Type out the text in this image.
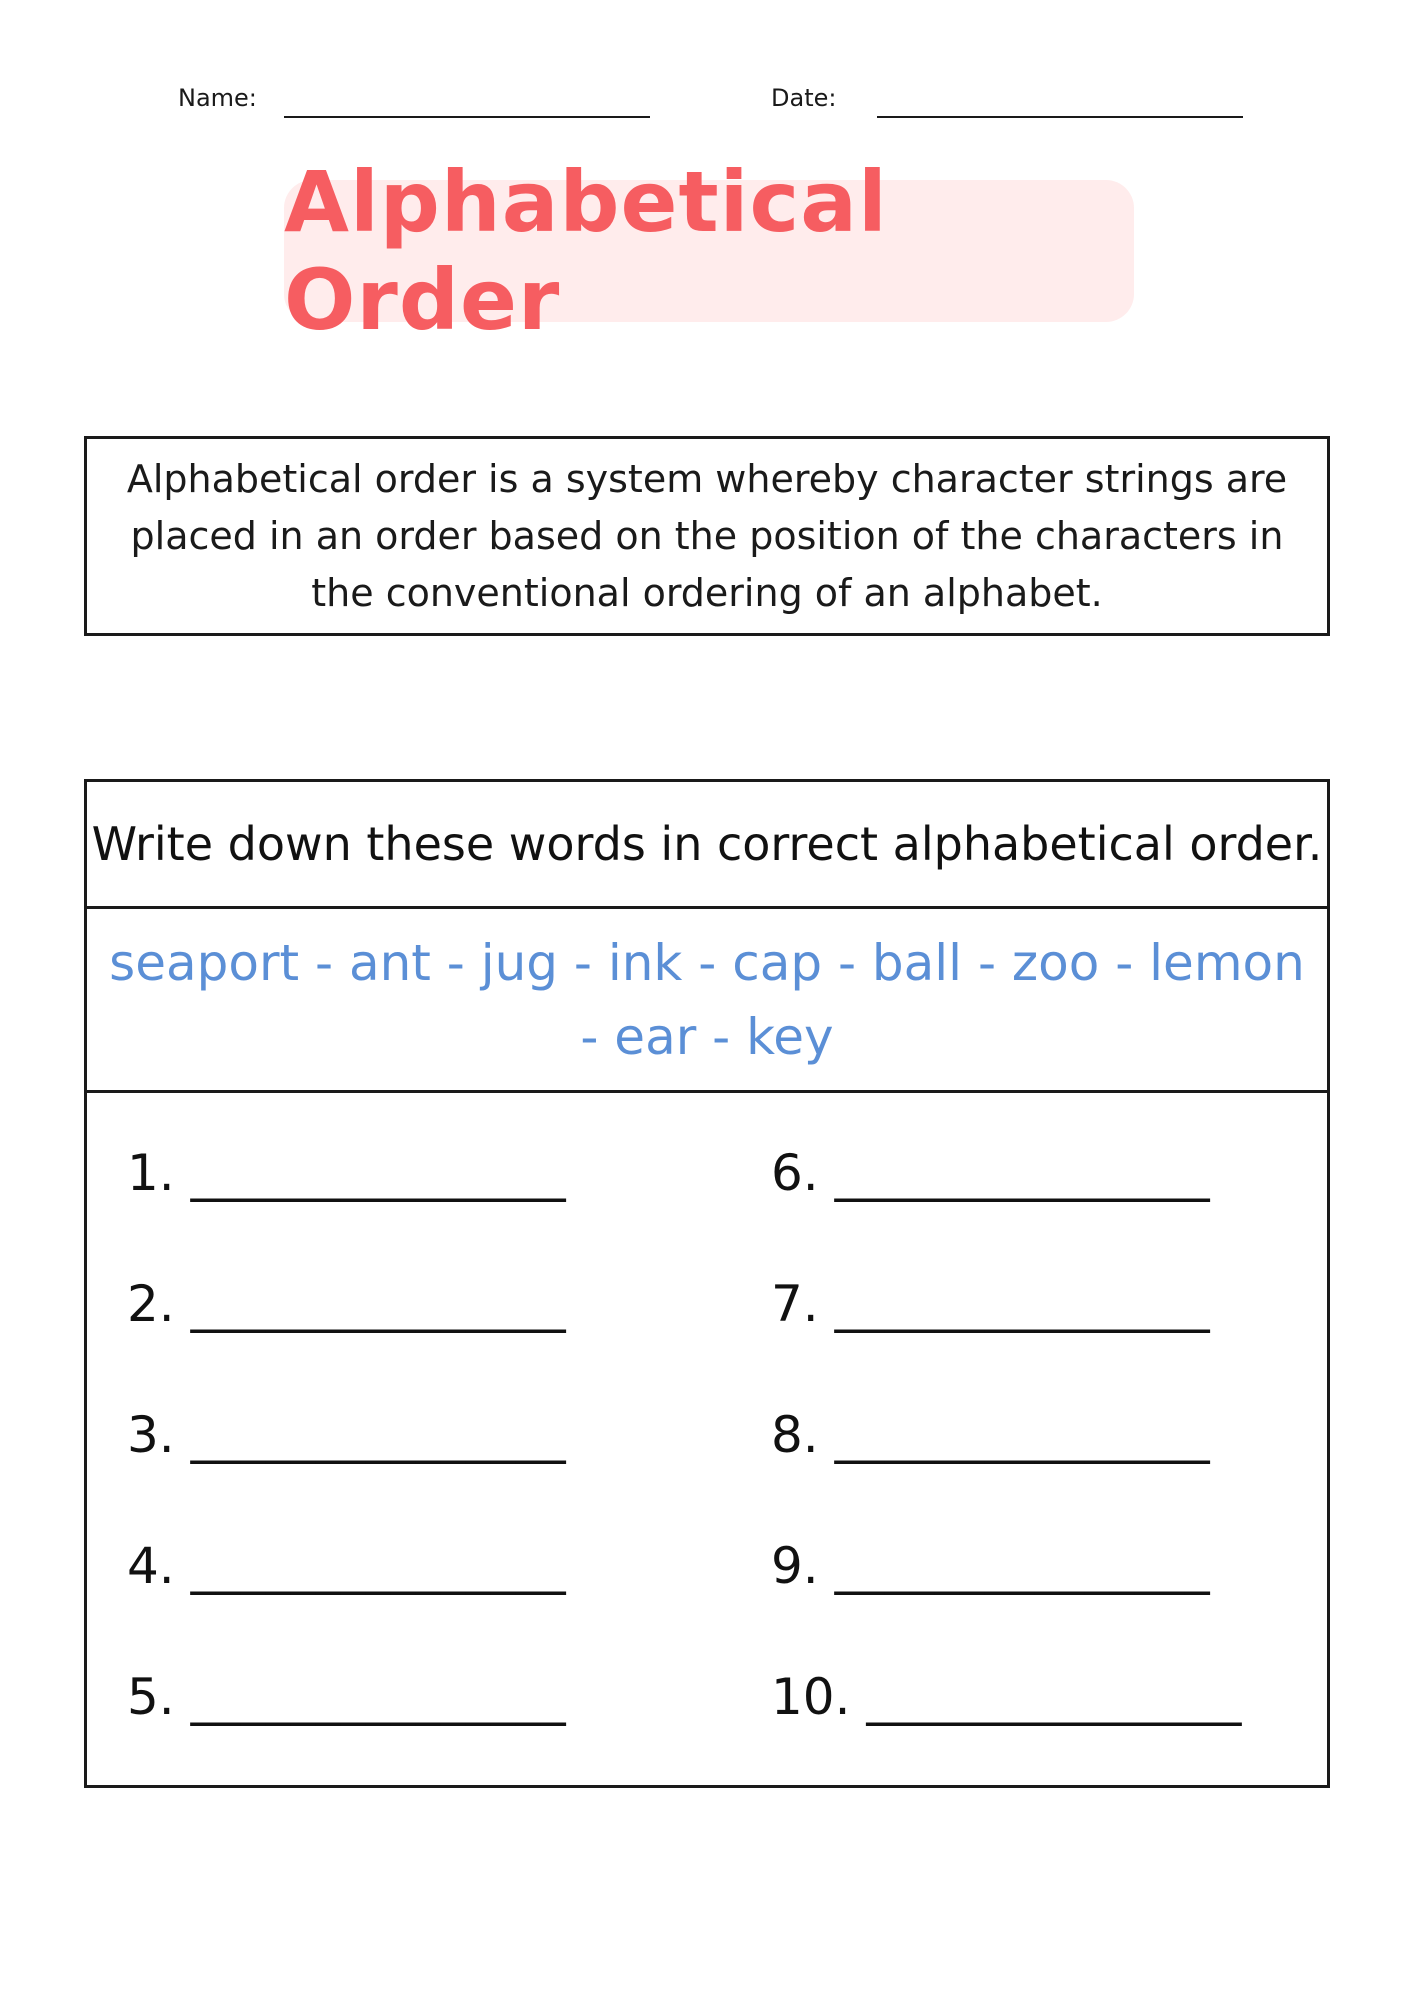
Name:	Date:
Alphabetical Order
Alphabetical order is a system whereby character strings are placed in an order based on the position of the characters in the conventional ordering of an alphabet.
Write down these words in correct alphabetical order.
seaport - ant - jug - ink - cap - ball - zoo - lemon - ear - key
1. _______________
2. _______________
3. _______________
4. _______________
5. _______________
6. _______________
7. _______________
8. _______________
9. _______________
10. _______________
